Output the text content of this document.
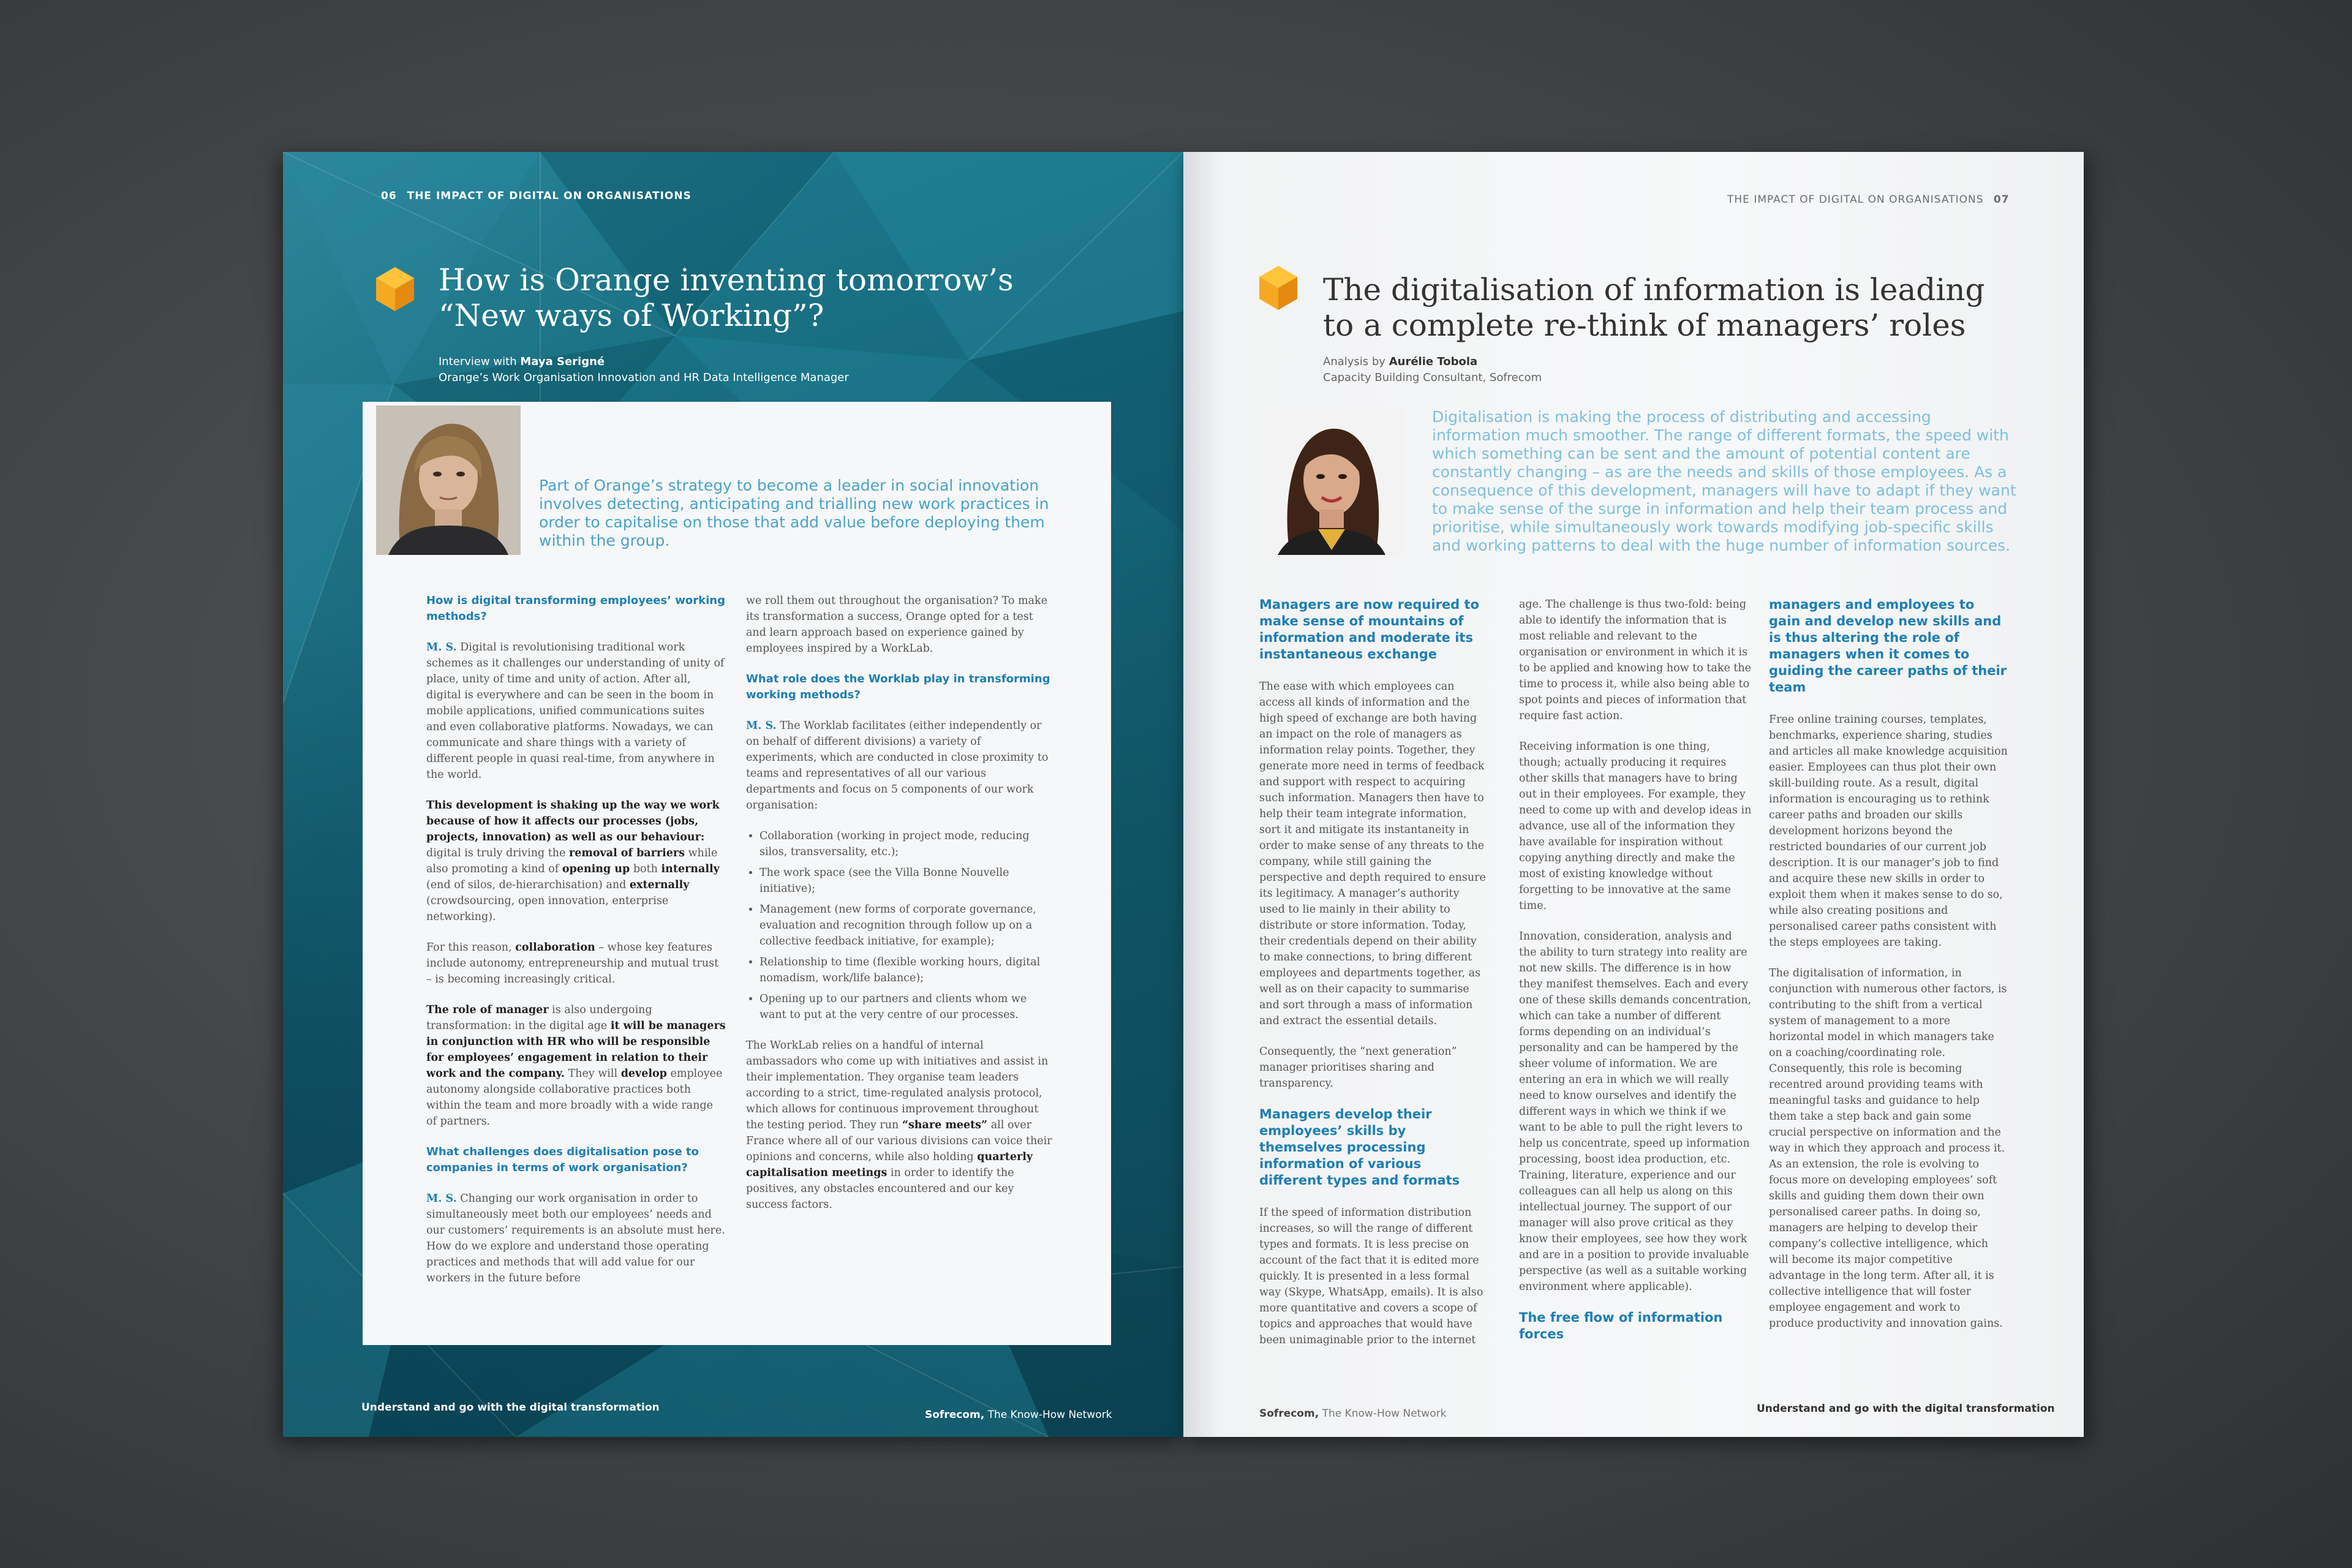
06 THE IMPACT OF DIGITAL ON ORGANISATIONS
How is Orange inventing tomorrow’s “New ways of Working”?
Interview with Maya Serigné
Orange’s Work Organisation Innovation and HR Data Intelligence Manager
Part of Orange’s strategy to become a leader in social innovation involves detecting, anticipating and trialling new work practices in order to capitalise on those that add value before deploying them within the group.
How is digital transforming employees’ working methods?

M. S. Digital is revolutionising traditional work schemes as it challenges our understanding of unity of place, unity of time and unity of action. After all, digital is everywhere and can be seen in the boom in mobile applications, unified communications suites and even collaborative platforms. Nowadays, we can communicate and share things with a variety of different people in quasi real-time, from anywhere in the world.

This development is shaking up the way we work because of how it affects our processes (jobs, projects, innovation) as well as our behaviour: digital is truly driving the removal of barriers while also promoting a kind of opening up both internally (end of silos, de-hierarchisation) and externally (crowdsourcing, open innovation, enterprise networking).

For this reason, collaboration – whose key features include autonomy, entrepreneurship and mutual trust – is becoming increasingly critical.

The role of manager is also undergoing transformation: in the digital age it will be managers in conjunction with HR who will be responsible for employees’ engagement in relation to their work and the company. They will develop employee autonomy alongside collaborative practices both within the team and more broadly with a wide range of partners.

What challenges does digitalisation pose to companies in terms of work organisation?

M. S. Changing our work organisation in order to simultaneously meet both our employees’ needs and our customers’ requirements is an absolute must here. How do we explore and understand those operating practices and methods that will add value for our workers in the future before

we roll them out throughout the organisation? To make its transformation a success, Orange opted for a test and learn approach based on experience gained by employees inspired by a WorkLab.

What role does the Worklab play in transforming working methods?

M. S. The Worklab facilitates (either independently or on behalf of different divisions) a variety of experiments, which are conducted in close proximity to teams and representatives of all our various departments and focus on 5 components of our work organisation:

• Collaboration (working in project mode, reducing silos, transversality, etc.);
• The work space (see the Villa Bonne Nouvelle initiative);
• Management (new forms of corporate governance, evaluation and recognition through follow up on a collective feedback initiative, for example);
• Relationship to time (flexible working hours, digital nomadism, work/life balance);
• Opening up to our partners and clients whom we want to put at the very centre of our processes.

The WorkLab relies on a handful of internal ambassadors who come up with initiatives and assist in their implementation. They organise team leaders according to a strict, time-regulated analysis protocol, which allows for continuous improvement throughout the testing period. They run “share meets” all over France where all of our various divisions can voice their opinions and concerns, while also holding quarterly capitalisation meetings in order to identify the positives, any obstacles encountered and our key success factors.

Understand and go with the digital transformation
Sofrecom, The Know-How Network
THE IMPACT OF DIGITAL ON ORGANISATIONS 07
The digitalisation of information is leading to a complete re-think of managers’ roles
Analysis by Aurélie Tobola
Capacity Building Consultant, Sofrecom
Digitalisation is making the process of distributing and accessing information much smoother. The range of different formats, the speed with which something can be sent and the amount of potential content are constantly changing – as are the needs and skills of those employees. As a consequence of this development, managers will have to adapt if they want to make sense of the surge in information and help their team process and prioritise, while simultaneously work towards modifying job-specific skills and working patterns to deal with the huge number of information sources.
Managers are now required to make sense of mountains of information and moderate its instantaneous exchange

The ease with which employees can access all kinds of information and the high speed of exchange are both having an impact on the role of managers as information relay points. Together, they generate more need in terms of feedback and support with respect to acquiring such information. Managers then have to help their team integrate information, sort it and mitigate its instantaneity in order to make sense of any threats to the company, while still gaining the perspective and depth required to ensure its legitimacy. A manager’s authority used to lie mainly in their ability to distribute or store information. Today, their credentials depend on their ability to make connections, to bring different employees and departments together, as well as on their capacity to summarise and sort through a mass of information and extract the essential details.

Consequently, the “next generation” manager prioritises sharing and transparency.

Managers develop their employees’ skills by themselves processing information of various different types and formats

If the speed of information distribution increases, so will the range of different types and formats. It is less precise on account of the fact that it is edited more quickly. It is presented in a less formal way (Skype, WhatsApp, emails). It is also more quantitative and covers a scope of topics and approaches that would have been unimaginable prior to the internet

age. The challenge is thus two-fold: being able to identify the information that is most reliable and relevant to the organisation or environment in which it is to be applied and knowing how to take the time to process it, while also being able to spot points and pieces of information that require fast action.

Receiving information is one thing, though; actually producing it requires other skills that managers have to bring out in their employees. For example, they need to come up with and develop ideas in advance, use all of the information they have available for inspiration without copying anything directly and make the most of existing knowledge without forgetting to be innovative at the same time.

Innovation, consideration, analysis and the ability to turn strategy into reality are not new skills. The difference is in how they manifest themselves. Each and every one of these skills demands concentration, which can take a number of different forms depending on an individual’s personality and can be hampered by the sheer volume of information. We are entering an era in which we will really need to know ourselves and identify the different ways in which we think if we want to be able to pull the right levers to help us concentrate, speed up information processing, boost idea production, etc. Training, literature, experience and our colleagues can all help us along on this intellectual journey. The support of our manager will also prove critical as they know their employees, see how they work and are in a position to provide invaluable perspective (as well as a suitable working environment where applicable).

The free flow of information forces
managers and employees to gain and develop new skills and is thus altering the role of managers when it comes to guiding the career paths of their team

Free online training courses, templates, benchmarks, experience sharing, studies and articles all make knowledge acquisition easier. Employees can thus plot their own skill-building route. As a result, digital information is encouraging us to rethink career paths and broaden our skills development horizons beyond the restricted boundaries of our current job description. It is our manager’s job to find and acquire these new skills in order to exploit them when it makes sense to do so, while also creating positions and personalised career paths consistent with the steps employees are taking.

The digitalisation of information, in conjunction with numerous other factors, is contributing to the shift from a vertical system of management to a more horizontal model in which managers take on a coaching/coordinating role. Consequently, this role is becoming recentred around providing teams with meaningful tasks and guidance to help them take a step back and gain some crucial perspective on information and the way in which they approach and process it. As an extension, the role is evolving to focus more on developing employees’ soft skills and guiding them down their own personalised career paths. In doing so, managers are helping to develop their company’s collective intelligence, which will become its major competitive advantage in the long term. After all, it is collective intelligence that will foster employee engagement and work to produce productivity and innovation gains.

Sofrecom, The Know-How Network	Understand and go with the digital transformation
